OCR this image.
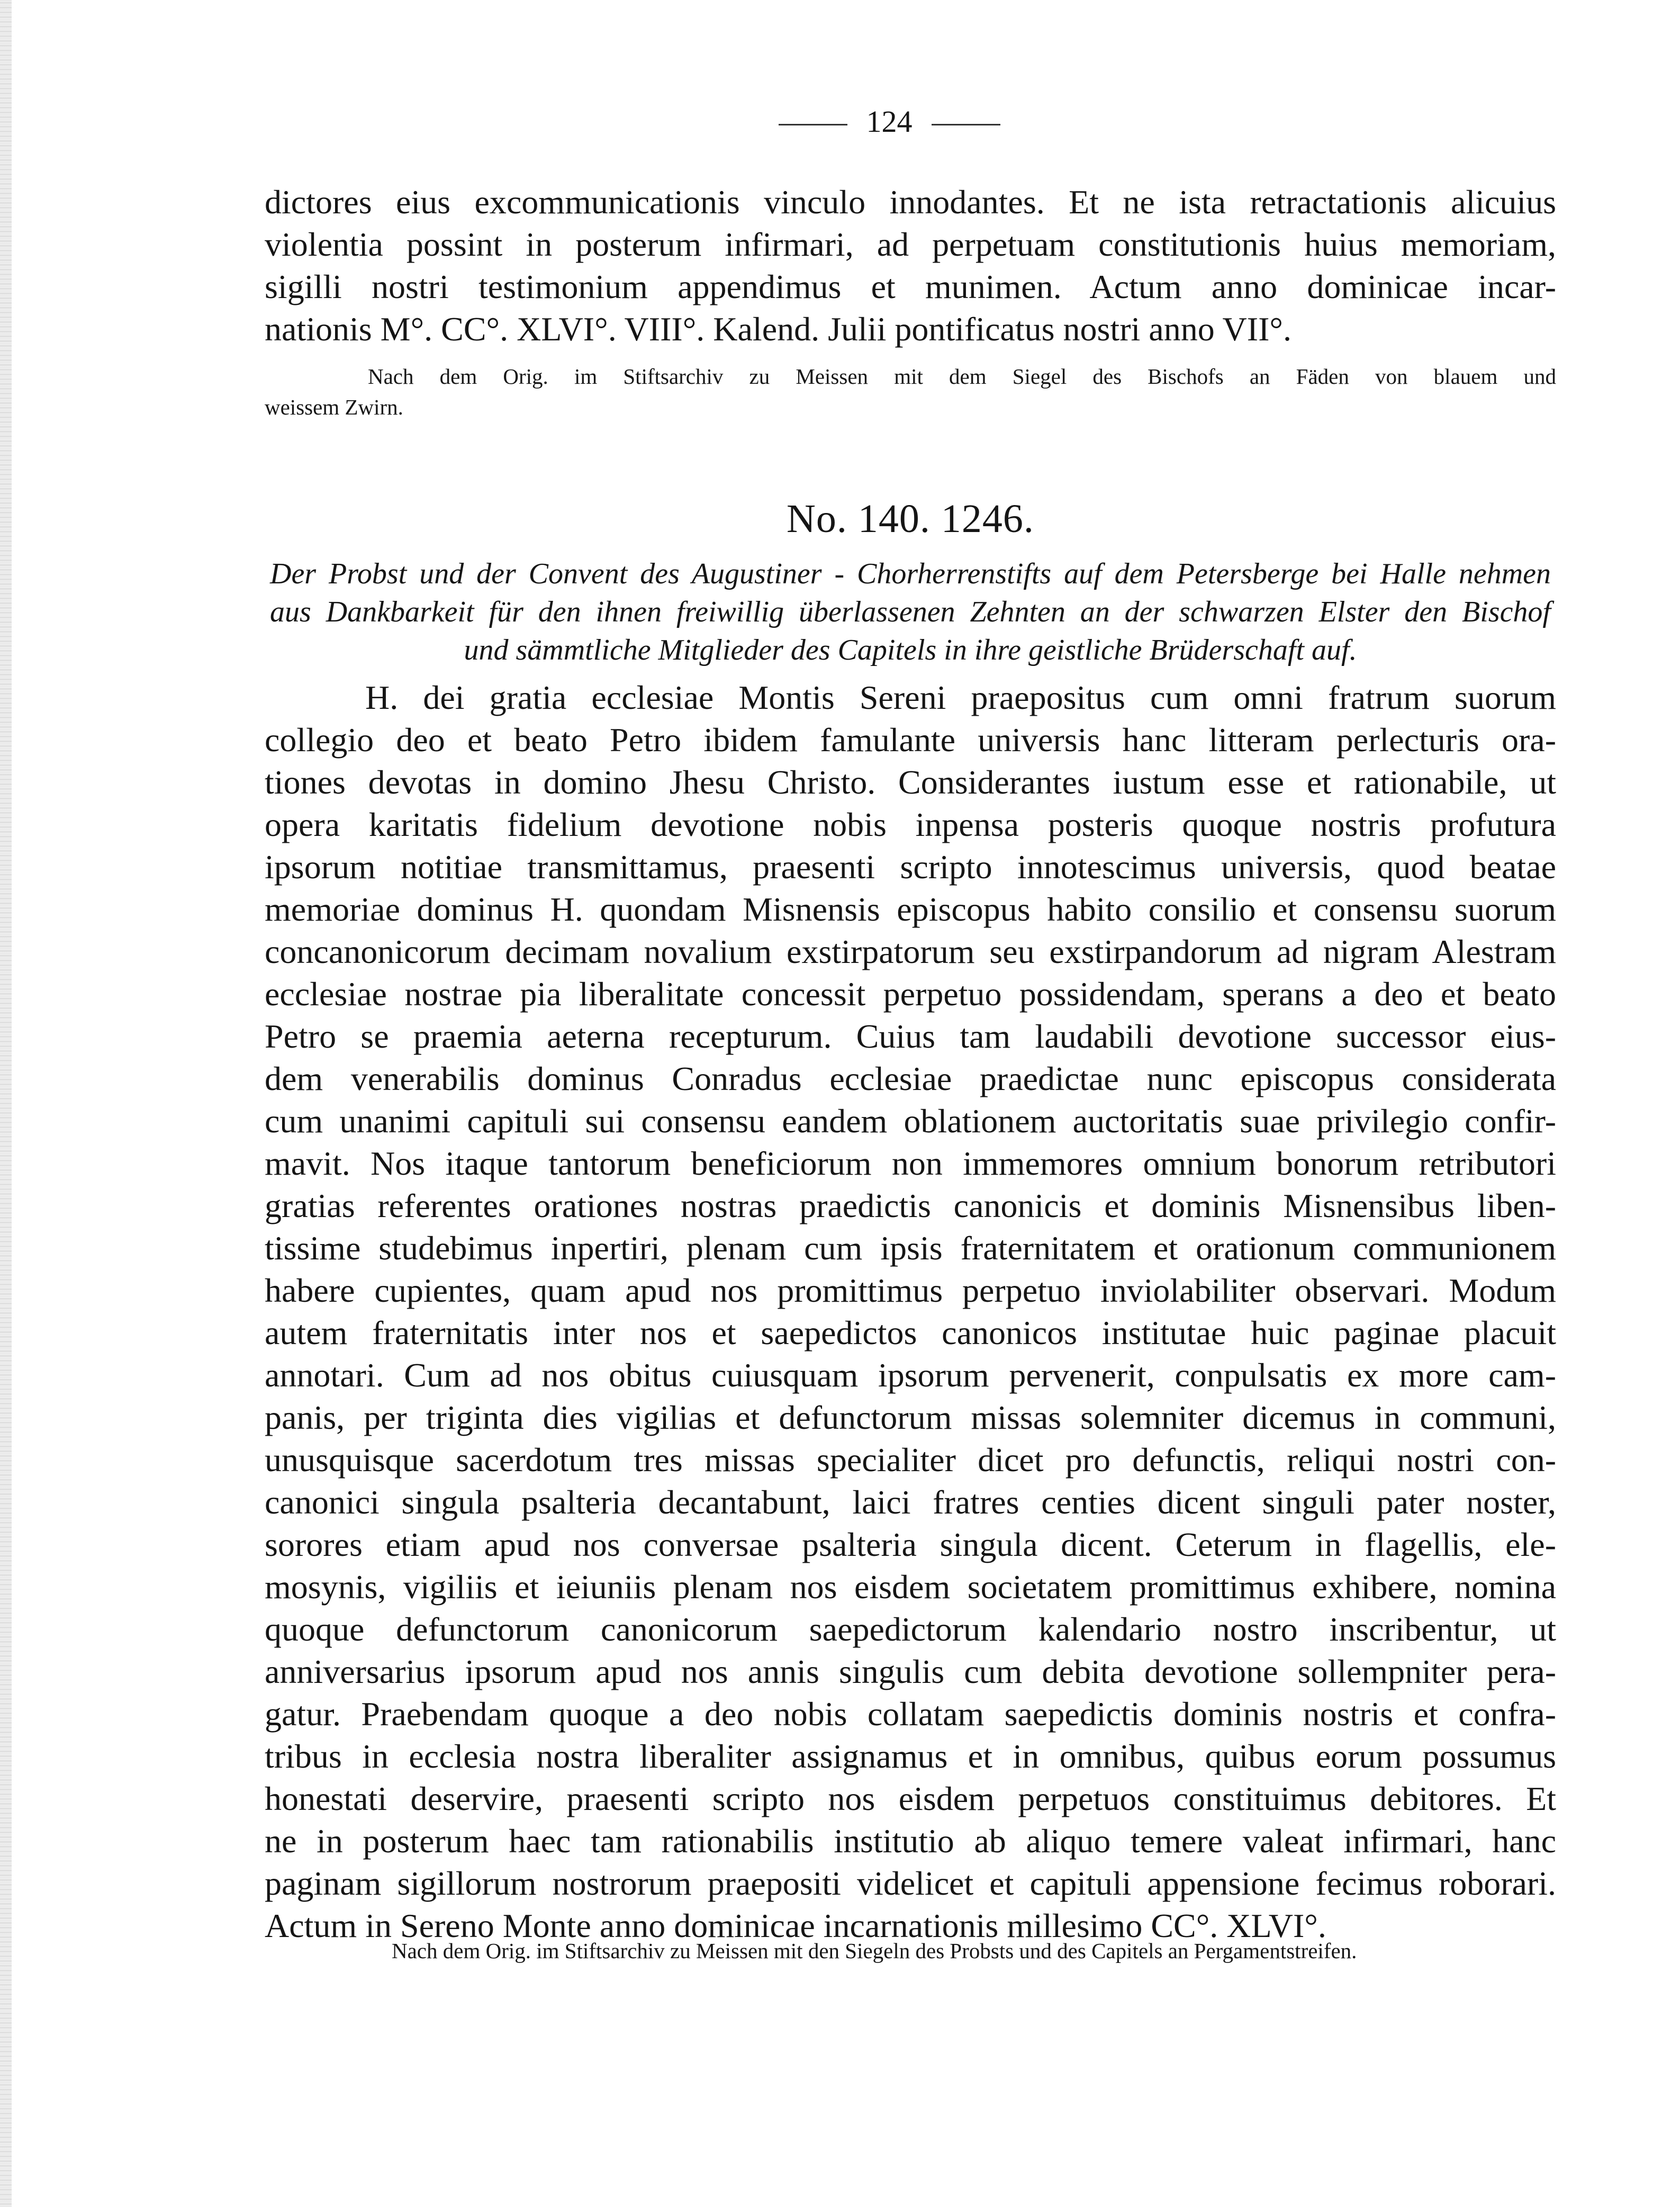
124
dictores eius excommunicationis vinculo innodantes. Et ne ista retractationis alicuius
violentia possint in posterum infirmari, ad perpetuam constitutionis huius memoriam,
sigilli nostri testimonium appendimus et munimen. Actum anno dominicae incar-
nationis M°. CC°. XLVI°. VIII°. Kalend. Julii pontificatus nostri anno VII°.
Nach dem Orig. im Stiftsarchiv zu Meissen mit dem Siegel des Bischofs an Fäden von blauem und
weissem Zwirn.
No. 140. 1246.
Der Probst und der Convent des Augustiner - Chorherrenstifts auf dem Petersberge bei Halle nehmen
aus Dankbarkeit für den ihnen freiwillig überlassenen Zehnten an der schwarzen Elster den Bischof
und sämmtliche Mitglieder des Capitels in ihre geistliche Brüderschaft auf.
H. dei gratia ecclesiae Montis Sereni praepositus cum omni fratrum suorum
collegio deo et beato Petro ibidem famulante universis hanc litteram perlecturis ora-
tiones devotas in domino Jhesu Christo. Considerantes iustum esse et rationabile, ut
opera karitatis fidelium devotione nobis inpensa posteris quoque nostris profutura
ipsorum notitiae transmittamus, praesenti scripto innotescimus universis, quod beatae
memoriae dominus H. quondam Misnensis episcopus habito consilio et consensu suorum
concanonicorum decimam novalium exstirpatorum seu exstirpandorum ad nigram Alestram
ecclesiae nostrae pia liberalitate concessit perpetuo possidendam, sperans a deo et beato
Petro se praemia aeterna recepturum. Cuius tam laudabili devotione successor eius-
dem venerabilis dominus Conradus ecclesiae praedictae nunc episcopus considerata
cum unanimi capituli sui consensu eandem oblationem auctoritatis suae privilegio confir-
mavit. Nos itaque tantorum beneficiorum non immemores omnium bonorum retributori
gratias referentes orationes nostras praedictis canonicis et dominis Misnensibus liben-
tissime studebimus inpertiri, plenam cum ipsis fraternitatem et orationum communionem
habere cupientes, quam apud nos promittimus perpetuo inviolabiliter observari. Modum
autem fraternitatis inter nos et saepedictos canonicos institutae huic paginae placuit
annotari. Cum ad nos obitus cuiusquam ipsorum pervenerit, conpulsatis ex more cam-
panis, per triginta dies vigilias et defunctorum missas solemniter dicemus in communi,
unusquisque sacerdotum tres missas specialiter dicet pro defunctis, reliqui nostri con-
canonici singula psalteria decantabunt, laici fratres centies dicent singuli pater noster,
sorores etiam apud nos conversae psalteria singula dicent. Ceterum in flagellis, ele-
mosynis, vigiliis et ieiuniis plenam nos eisdem societatem promittimus exhibere, nomina
quoque defunctorum canonicorum saepedictorum kalendario nostro inscribentur, ut
anniversarius ipsorum apud nos annis singulis cum debita devotione sollempniter pera-
gatur. Praebendam quoque a deo nobis collatam saepedictis dominis nostris et confra-
tribus in ecclesia nostra liberaliter assignamus et in omnibus, quibus eorum possumus
honestati deservire, praesenti scripto nos eisdem perpetuos constituimus debitores. Et
ne in posterum haec tam rationabilis institutio ab aliquo temere valeat infirmari, hanc
paginam sigillorum nostrorum praepositi videlicet et capituli appensione fecimus roborari.
Actum in Sereno Monte anno dominicae incarnationis millesimo CC°. XLVI°.
Nach dem Orig. im Stiftsarchiv zu Meissen mit den Siegeln des Probsts und des Capitels an Pergamentstreifen.
